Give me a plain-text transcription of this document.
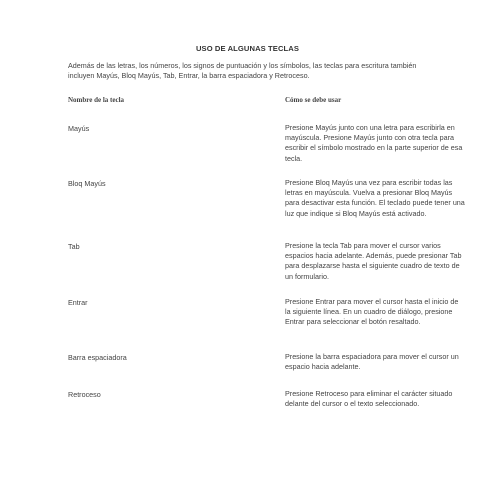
USO DE ALGUNAS TECLAS
Además de las letras, los números, los signos de puntuación y los símbolos, las teclas para escritura también incluyen Mayús, Bloq Mayús, Tab, Entrar, la barra espaciadora y Retroceso.
Nombre de la tecla	Cómo se debe usar
Mayús	Presione Mayús junto con una letra para escribirla en mayúscula. Presione Mayús junto con otra tecla para escribir el símbolo mostrado en la parte superior de esa tecla.
Bloq Mayús	Presione Bloq Mayús una vez para escribir todas las letras en mayúscula. Vuelva a presionar Bloq Mayús para desactivar esta función. El teclado puede tener una luz que indique si Bloq Mayús está activado.
Tab	Presione la tecla Tab para mover el cursor varios espacios hacia adelante. Además, puede presionar Tab para desplazarse hasta el siguiente cuadro de texto de un formulario.
Entrar	Presione Entrar para mover el cursor hasta el inicio de la siguiente línea. En un cuadro de diálogo, presione Entrar para seleccionar el botón resaltado.
Barra espaciadora	Presione la barra espaciadora para mover el cursor un espacio hacia adelante.
Retroceso	Presione Retroceso para eliminar el carácter situado delante del cursor o el texto seleccionado.
